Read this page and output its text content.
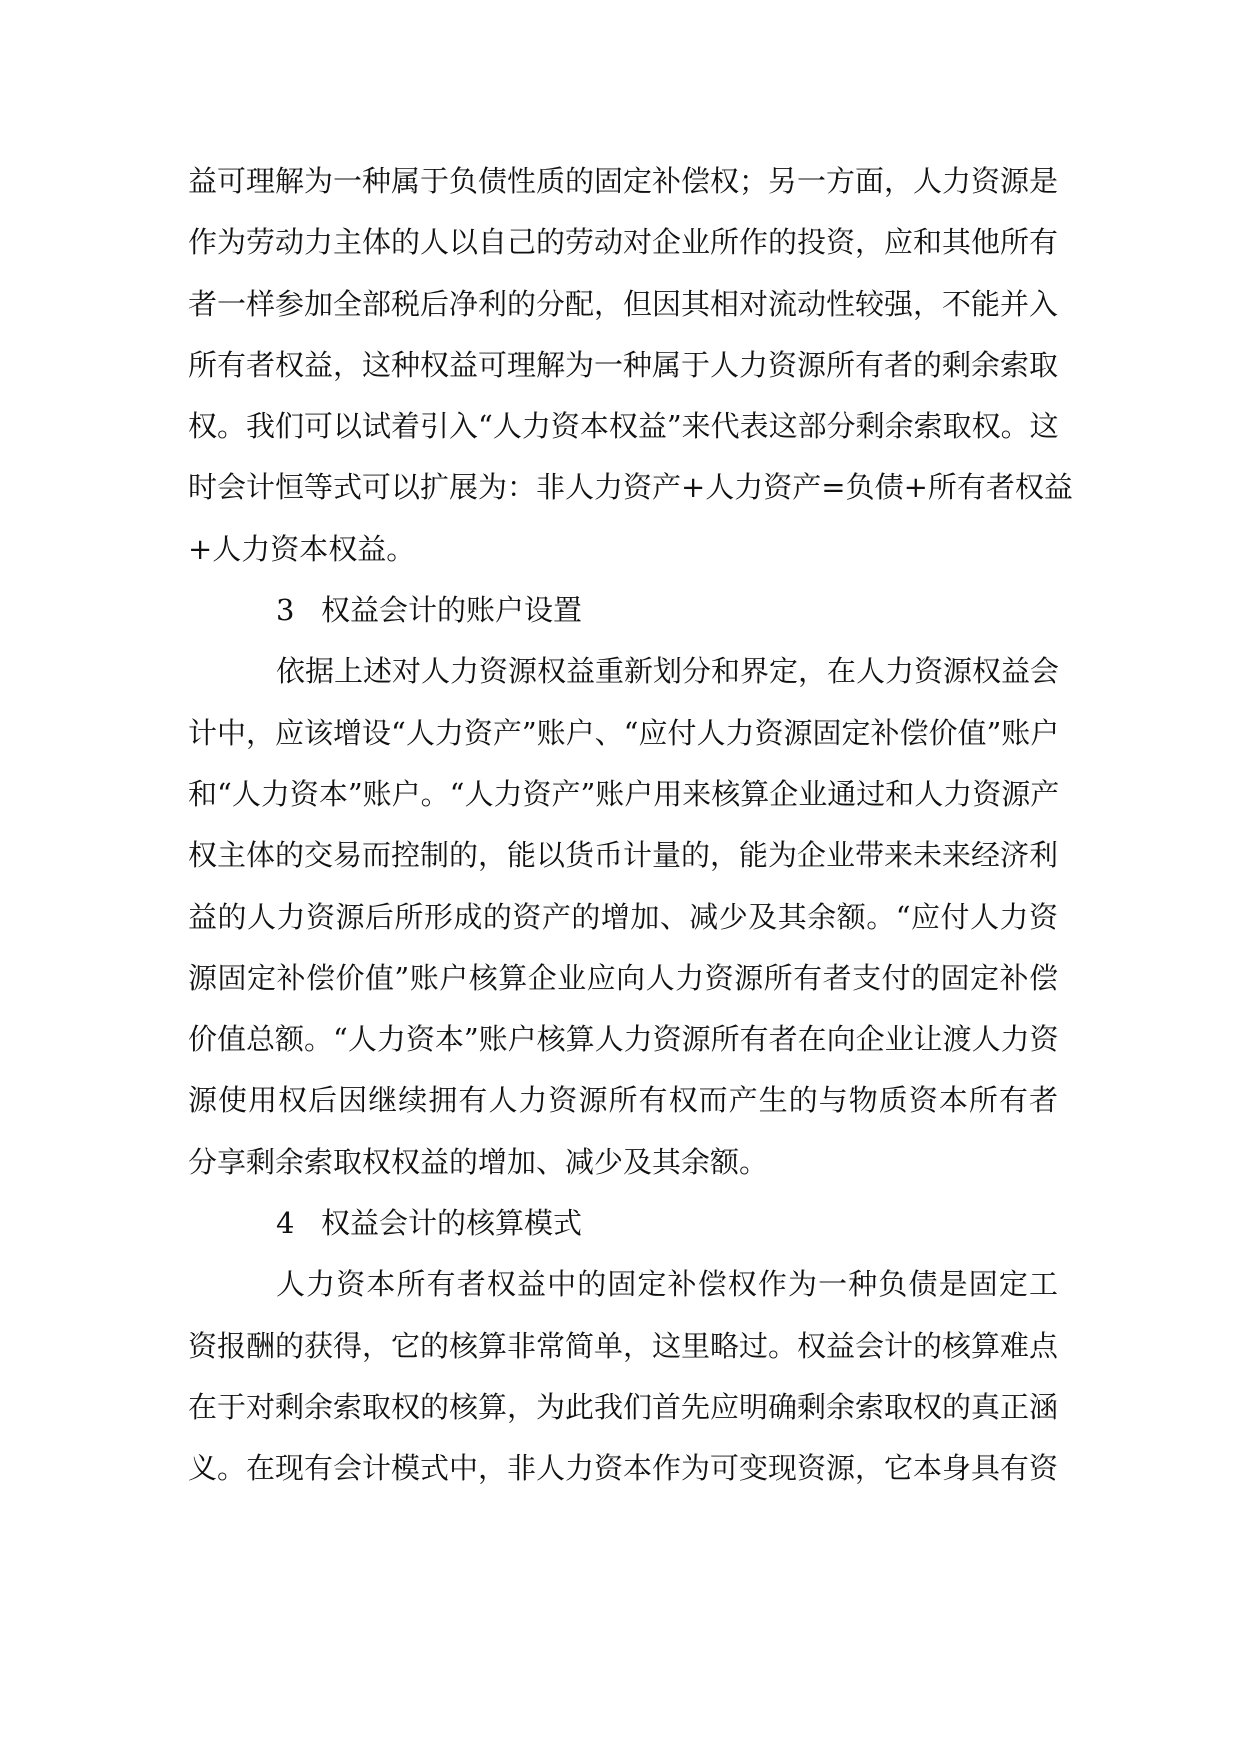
益可理解为一种属于负债性质的固定补偿权；另一方面，人力资源是
作为劳动力主体的人以自己的劳动对企业所作的投资，应和其他所有
者一样参加全部税后净利的分配，但因其相对流动性较强，不能并入
所有者权益，这种权益可理解为一种属于人力资源所有者的剩余索取
权。我们可以试着引入“人力资本权益”来代表这部分剩余索取权。这
时会计恒等式可以扩展为：非人力资产+人力资产=负债+所有者权益
+人力资本权益。
3 权益会计的账户设置
依据上述对人力资源权益重新划分和界定，在人力资源权益会
计中，应该增设“人力资产”账户、“应付人力资源固定补偿价值”账户
和“人力资本”账户。“人力资产”账户用来核算企业通过和人力资源产
权主体的交易而控制的，能以货币计量的，能为企业带来未来经济利
益的人力资源后所形成的资产的增加、减少及其余额。“应付人力资
源固定补偿价值”账户核算企业应向人力资源所有者支付的固定补偿
价值总额。“人力资本”账户核算人力资源所有者在向企业让渡人力资
源使用权后因继续拥有人力资源所有权而产生的与物质资本所有者
分享剩余索取权权益的增加、减少及其余额。
4 权益会计的核算模式
人力资本所有者权益中的固定补偿权作为一种负债是固定工
资报酬的获得，它的核算非常简单，这里略过。权益会计的核算难点
在于对剩余索取权的核算，为此我们首先应明确剩余索取权的真正涵
义。在现有会计模式中，非人力资本作为可变现资源，它本身具有资
